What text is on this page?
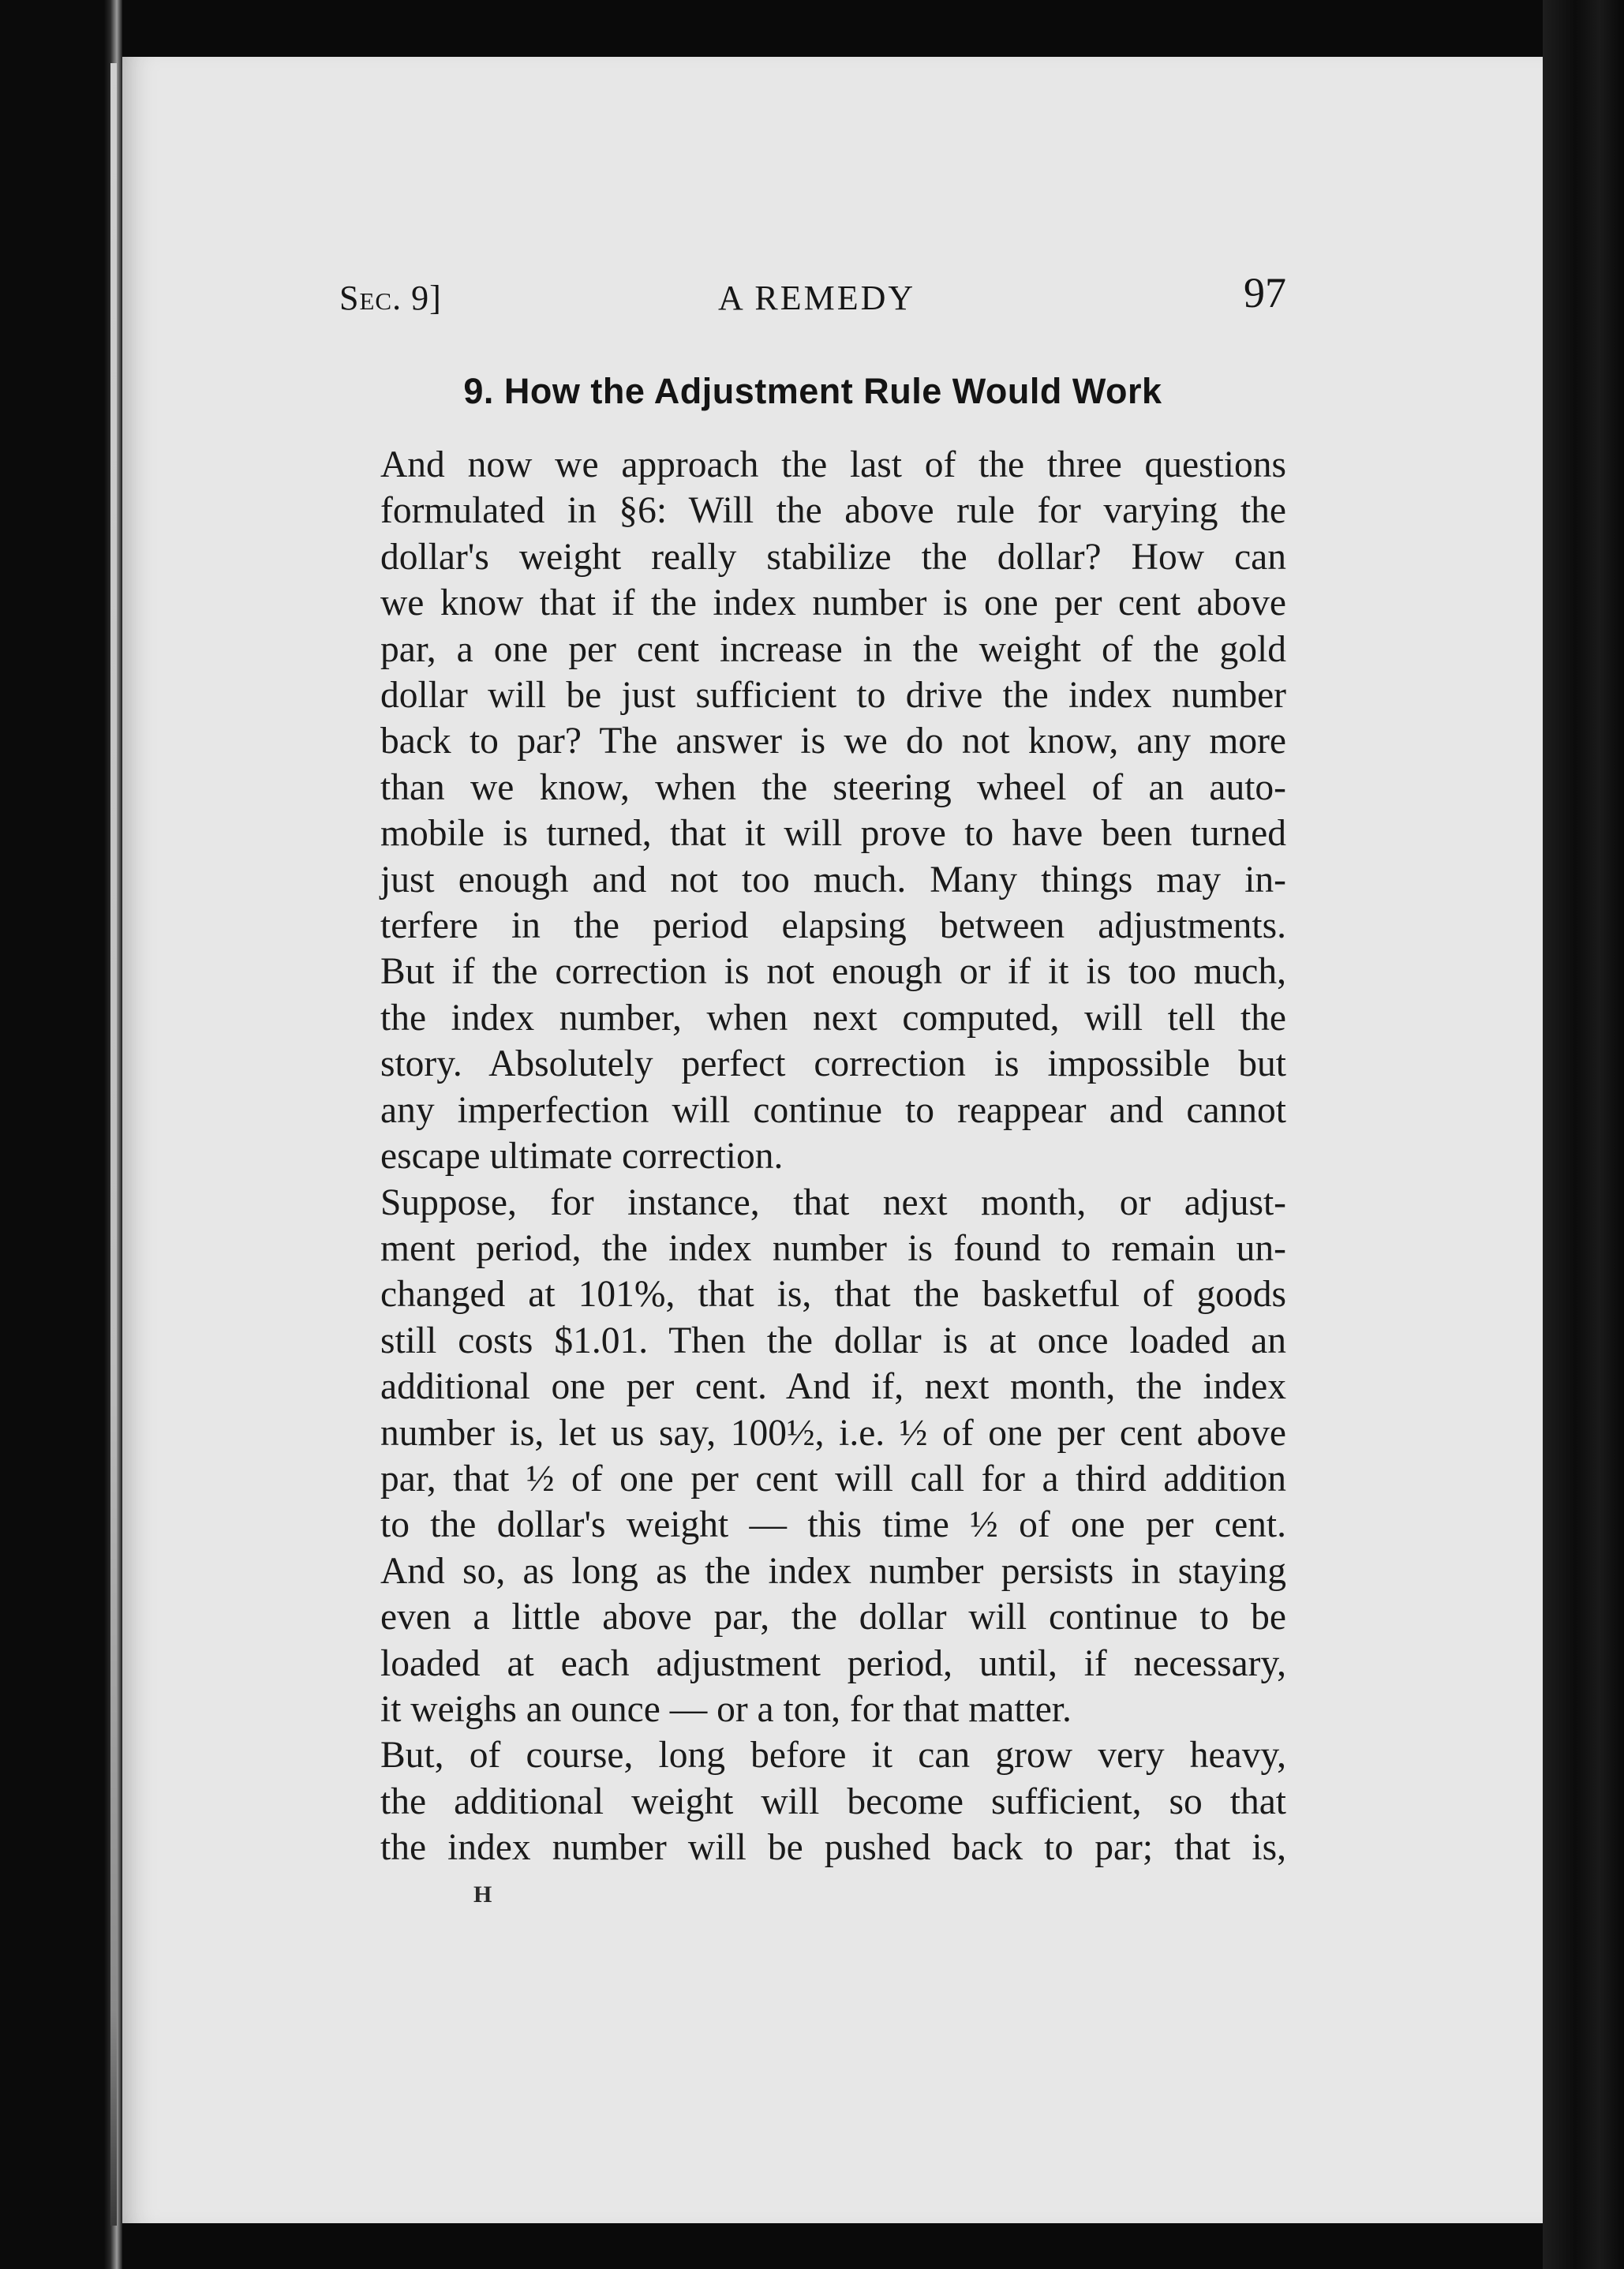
Sec. 9]	A REMEDY	97
9. How the Adjustment Rule Would Work
And now we approach the last of the three questions
formulated in §6: Will the above rule for varying the
dollar's weight really stabilize the dollar? How can
we know that if the index number is one per cent above
par, a one per cent increase in the weight of the gold
dollar will be just sufficient to drive the index number
back to par? The answer is we do not know, any more
than we know, when the steering wheel of an auto-
mobile is turned, that it will prove to have been turned
just enough and not too much. Many things may in-
terfere in the period elapsing between adjustments.
But if the correction is not enough or if it is too much,
the index number, when next computed, will tell the
story. Absolutely perfect correction is impossible but
any imperfection will continue to reappear and cannot
escape ultimate correction.
Suppose, for instance, that next month, or adjust-
ment period, the index number is found to remain un-
changed at 101%, that is, that the basketful of goods
still costs $1.01. Then the dollar is at once loaded an
additional one per cent. And if, next month, the index
number is, let us say, 100½, i.e. ½ of one per cent above
par, that ½ of one per cent will call for a third addition
to the dollar's weight — this time ½ of one per cent.
And so, as long as the index number persists in staying
even a little above par, the dollar will continue to be
loaded at each adjustment period, until, if necessary,
it weighs an ounce — or a ton, for that matter.
But, of course, long before it can grow very heavy,
the additional weight will become sufficient, so that
the index number will be pushed back to par; that is,
H
